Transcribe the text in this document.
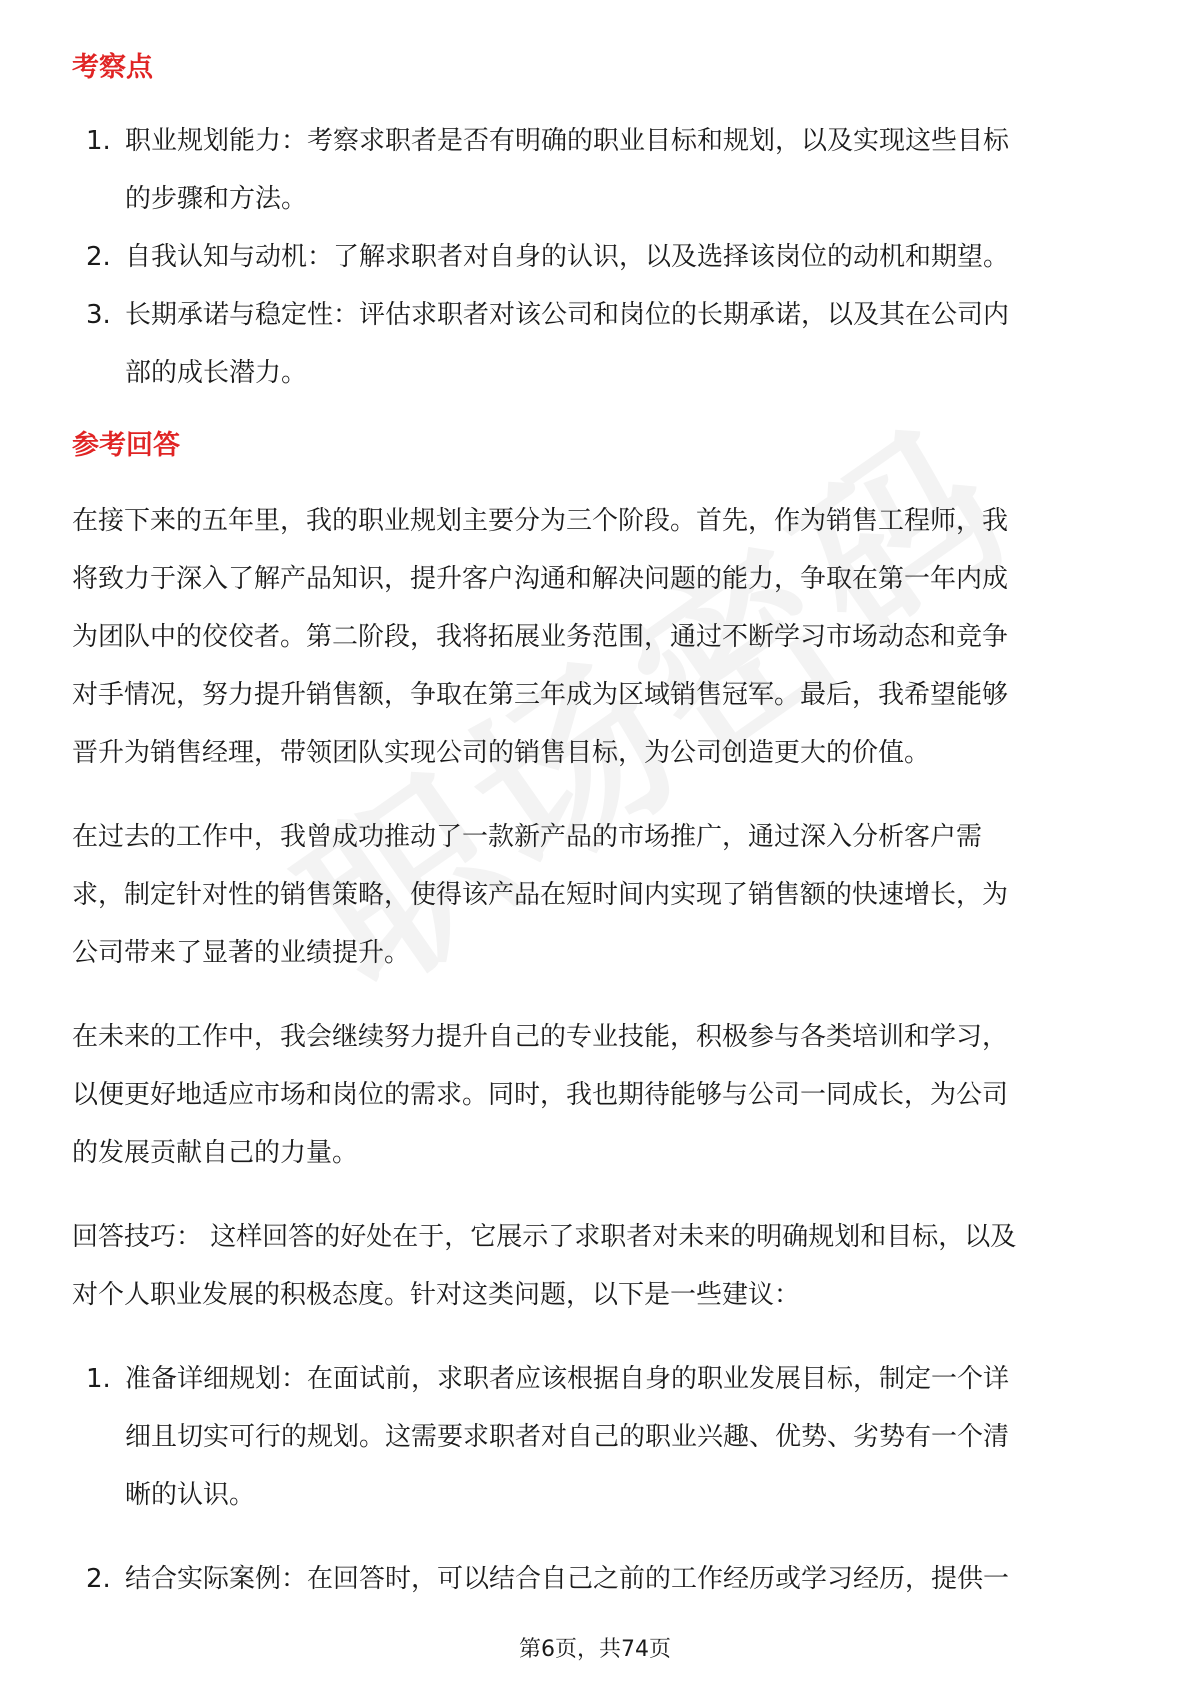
考察点
1. 职业规划能力：考察求职者是否有明确的职业目标和规划，以及实现这些目标
的步骤和方法。
2. 自我认知与动机：了解求职者对自身的认识，以及选择该岗位的动机和期望。
3. 长期承诺与稳定性：评估求职者对该公司和岗位的长期承诺，以及其在公司内
部的成长潜力。
参考回答

在接下来的五年里，我的职业规划主要分为三个阶段。首先，作为销售工程师，我

将致力于深入了解产品知识，提升客户沟通和解决问题的能力，争取在第一年内成

为团队中的佼佼者。第二阶段，我将拓展业务范围，通过不断学习市场动态和竞争

对手情况，努力提升销售额，争取在第三年成为区域销售冠军。最后，我希望能够

晋升为销售经理，带领团队实现公司的销售目标，为公司创造更大的价值。

在过去的工作中，我曾成功推动了一款新产品的市场推广，通过深入分析客户需

求，制定针对性的销售策略，使得该产品在短时间内实现了销售额的快速增长，为

公司带来了显著的业绩提升。

在未来的工作中，我会继续努力提升自己的专业技能，积极参与各类培训和学习，

以便更好地适应市场和岗位的需求。同时，我也期待能够与公司一同成长，为公司

的发展贡献自己的力量。

回答技巧： 这样回答的好处在于，它展示了求职者对未来的明确规划和目标，以及

对个人职业发展的积极态度。针对这类问题，以下是一些建议：

1. 准备详细规划：在面试前，求职者应该根据自身的职业发展目标，制定一个详
细且切实可行的规划。这需要求职者对自己的职业兴趣、优势、劣势有一个清
晰的认识。
2. 结合实际案例：在回答时，可以结合自己之前的工作经历或学习经历，提供一
第6页，共74页
